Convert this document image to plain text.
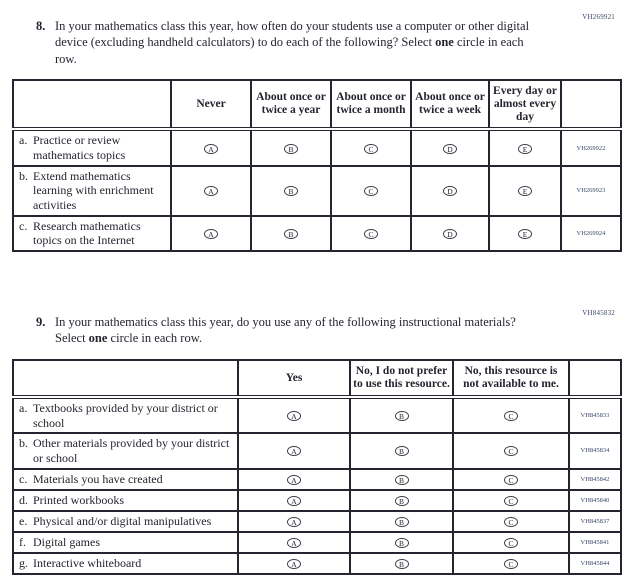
VH269921
8. In your mathematics class this year, how often do your students use a computer or other digital device (excluding handheld calculators) to do each of the following? Select one circle in each row.
	Never	About once or twice a year	About once or twice a month	About once or twice a week	Every day or almost every day	

a. Practice or review mathematics topics	A	B	C	D	E	VH269922

b. Extend mathematics learning with enrichment activities	A	B	C	D	E	VH269923

c. Research mathematics topics on the Internet	A	B	C	D	E	VH269924
VH845832
9. In your mathematics class this year, do you use any of the following instructional materials? Select one circle in each row.
	Yes	No, I do not prefer to use this resource.	No, this resource is not available to me.	

a. Textbooks provided by your district or school	A	B	C	VH845833

b. Other materials provided by your district or school	A	B	C	VH845834

c. Materials you have created	A	B	C	VH845842

d. Printed workbooks	A	B	C	VH845840

e. Physical and/or digital manipulatives	A	B	C	VH845837

f. Digital games	A	B	C	VH845841

g. Interactive whiteboard	A	B	C	VH845844
